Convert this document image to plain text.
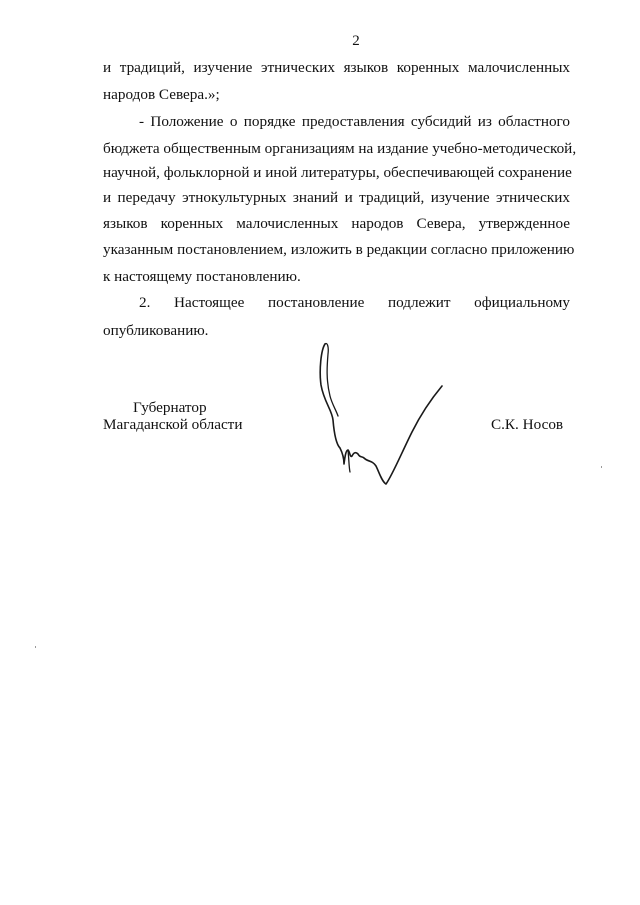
2
и традиций, изучение этнических языков коренных малочисленных
народов Севера.»;
- Положение о порядке предоставления субсидий из областного
бюджета общественным организациям на издание учебно-методической,
научной, фольклорной и иной литературы, обеспечивающей сохранение
и передачу этнокультурных знаний и традиций, изучение этнических
языков коренных малочисленных народов Севера, утвержденное
указанным постановлением, изложить в редакции согласно приложению
к настоящему постановлению.
2. Настоящее постановление подлежит официальному
опубликованию.
Губернатор
Магаданской области	С.К. Носов
